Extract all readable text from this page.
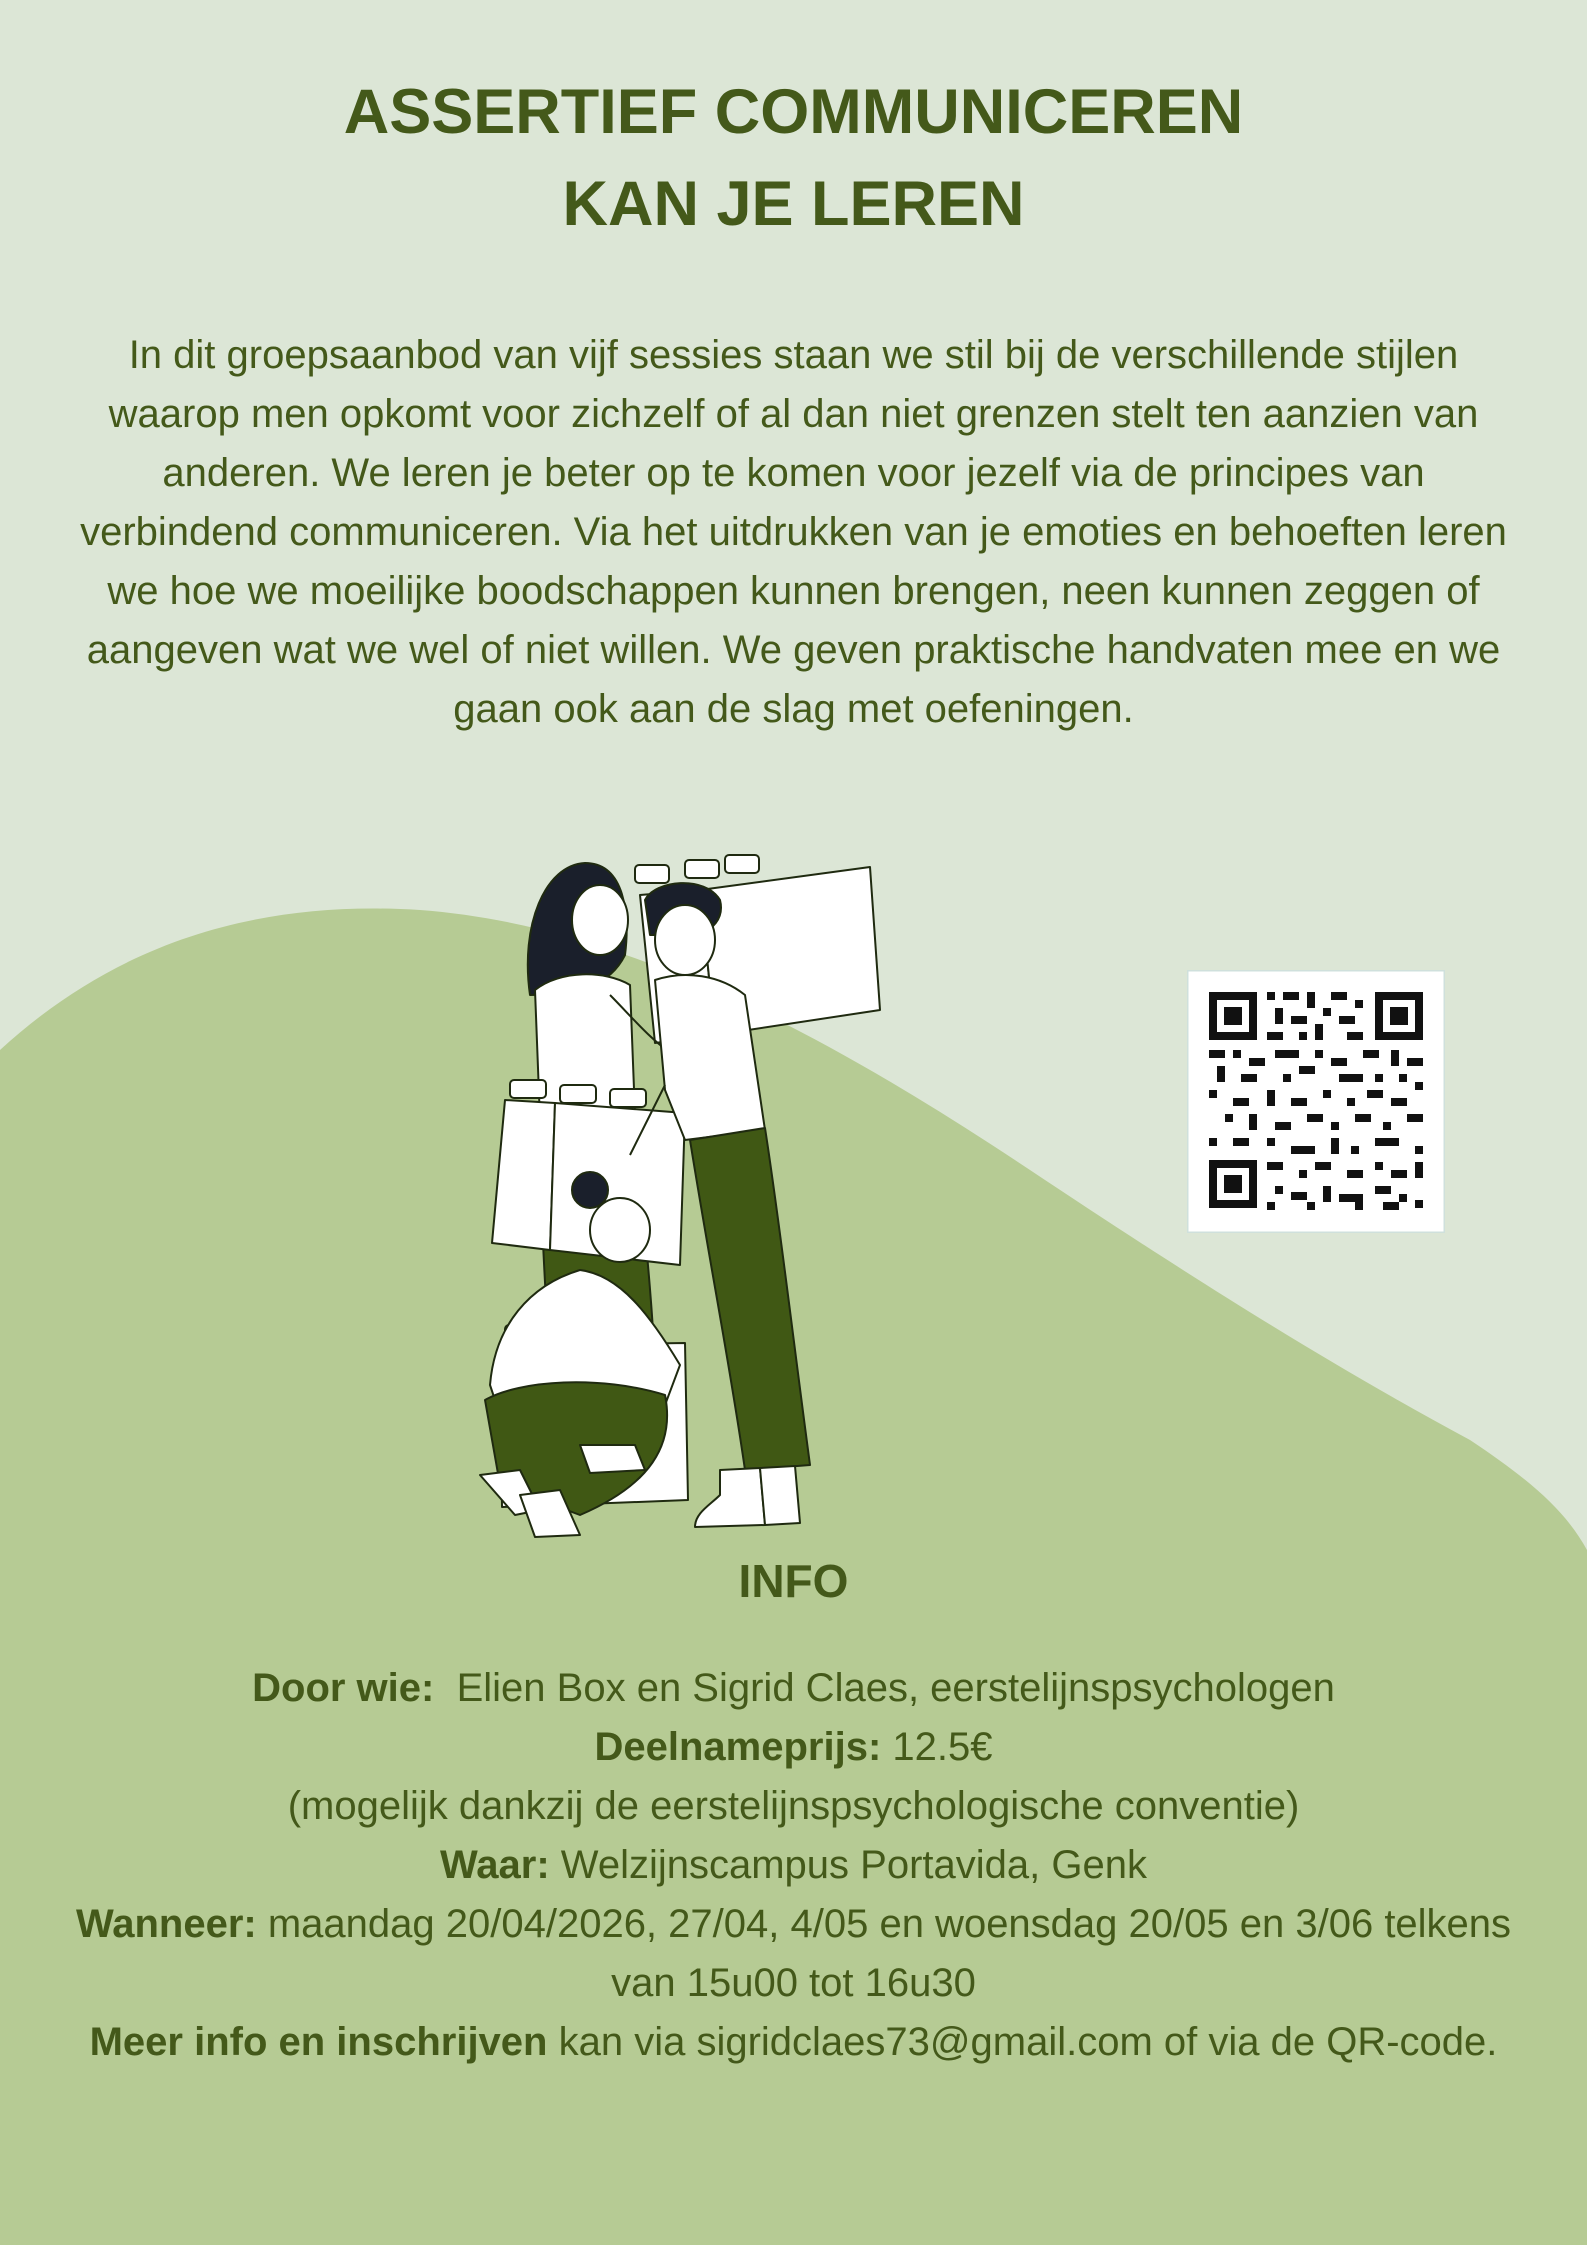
ASSERTIEF COMMUNICEREN
KAN JE LEREN

In dit groepsaanbod van vijf sessies staan we stil bij de verschillende stijlen waarop men opkomt voor zichzelf of al dan niet grenzen stelt ten aanzien van anderen. We leren je beter op te komen voor jezelf via de principes van verbindend communiceren. Via het uitdrukken van je emoties en behoeften leren we hoe we moeilijke boodschappen kunnen brengen, neen kunnen zeggen of aangeven wat we wel of niet willen. We geven praktische handvaten mee en we gaan ook aan de slag met oefeningen.

INFO

Door wie: Elien Box en Sigrid Claes, eerstelijnspsychologen

Deelnameprijs: 12.5€

(mogelijk dankzij de eerstelijnspsychologische conventie)

Waar: Welzijnscampus Portavida, Genk

Wanneer: maandag 20/04/2026, 27/04, 4/05 en woensdag 20/05 en 3/06 telkens van 15u00 tot 16u30

Meer info en inschrijven kan via sigridclaes73@gmail.com of via de QR-code.
